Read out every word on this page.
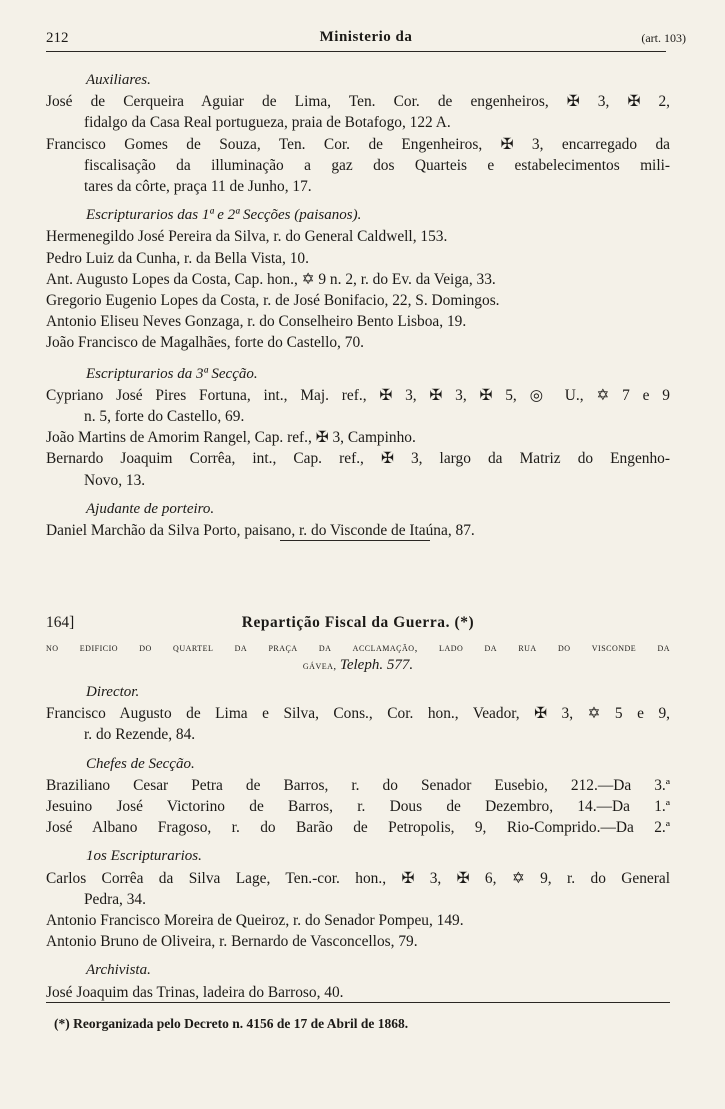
212	Ministerio da	(art. 103)
Auxiliares.
José de Cerqueira Aguiar de Lima, Ten. Cor. de engenheiros, ✠ 3, ✠ 2,
fidalgo da Casa Real portugueza, praia de Botafogo, 122 A.
Francisco Gomes de Souza, Ten. Cor. de Engenheiros, ✠ 3, encarregado da
fiscalisação da illuminação a gaz dos Quarteis e estabelecimentos mili-
tares da côrte, praça 11 de Junho, 17.
Escripturarios das 1ª e 2ª Secções (paisanos).
Hermenegildo José Pereira da Silva, r. do General Caldwell, 153.
Pedro Luiz da Cunha, r. da Bella Vista, 10.
Ant. Augusto Lopes da Costa, Cap. hon., ✡ 9 n. 2, r. do Ev. da Veiga, 33.
Gregorio Eugenio Lopes da Costa, r. de José Bonifacio, 22, S. Domingos.
Antonio Eliseu Neves Gonzaga, r. do Conselheiro Bento Lisboa, 19.
João Francisco de Magalhães, forte do Castello, 70.
Escripturarios da 3ª Secção.
Cypriano José Pires Fortuna, int., Maj. ref., ✠ 3, ✠ 3, ✠ 5, ◎ U., ✡ 7 e 9
n. 5, forte do Castello, 69.
João Martins de Amorim Rangel, Cap. ref., ✠ 3, Campinho.
Bernardo Joaquim Corrêa, int., Cap. ref., ✠ 3, largo da Matriz do Engenho-
Novo, 13.
Ajudante de porteiro.
Daniel Marchão da Silva Porto, paisano, r. do Visconde de Itaúna, 87.
164]	Repartição Fiscal da Guerra. (*)
no edificio do quartel da praça da acclamação, lado da rua do visconde da
gávea, Teleph. 577.
Director.
Francisco Augusto de Lima e Silva, Cons., Cor. hon., Veador, ✠ 3, ✡ 5 e 9,
r. do Rezende, 84.
Chefes de Secção.
Braziliano Cesar Petra de Barros, r. do Senador Eusebio, 212.—Da 3.ª
Jesuino José Victorino de Barros, r. Dous de Dezembro, 14.—Da 1.ª
José Albano Fragoso, r. do Barão de Petropolis, 9, Rio-Comprido.—Da 2.ª
1os Escripturarios.
Carlos Corrêa da Silva Lage, Ten.-cor. hon., ✠ 3, ✠ 6, ✡ 9, r. do General
Pedra, 34.
Antonio Francisco Moreira de Queiroz, r. do Senador Pompeu, 149.
Antonio Bruno de Oliveira, r. Bernardo de Vasconcellos, 79.
Archivista.
José Joaquim das Trinas, ladeira do Barroso, 40.
(*) Reorganizada pelo Decreto n. 4156 de 17 de Abril de 1868.
